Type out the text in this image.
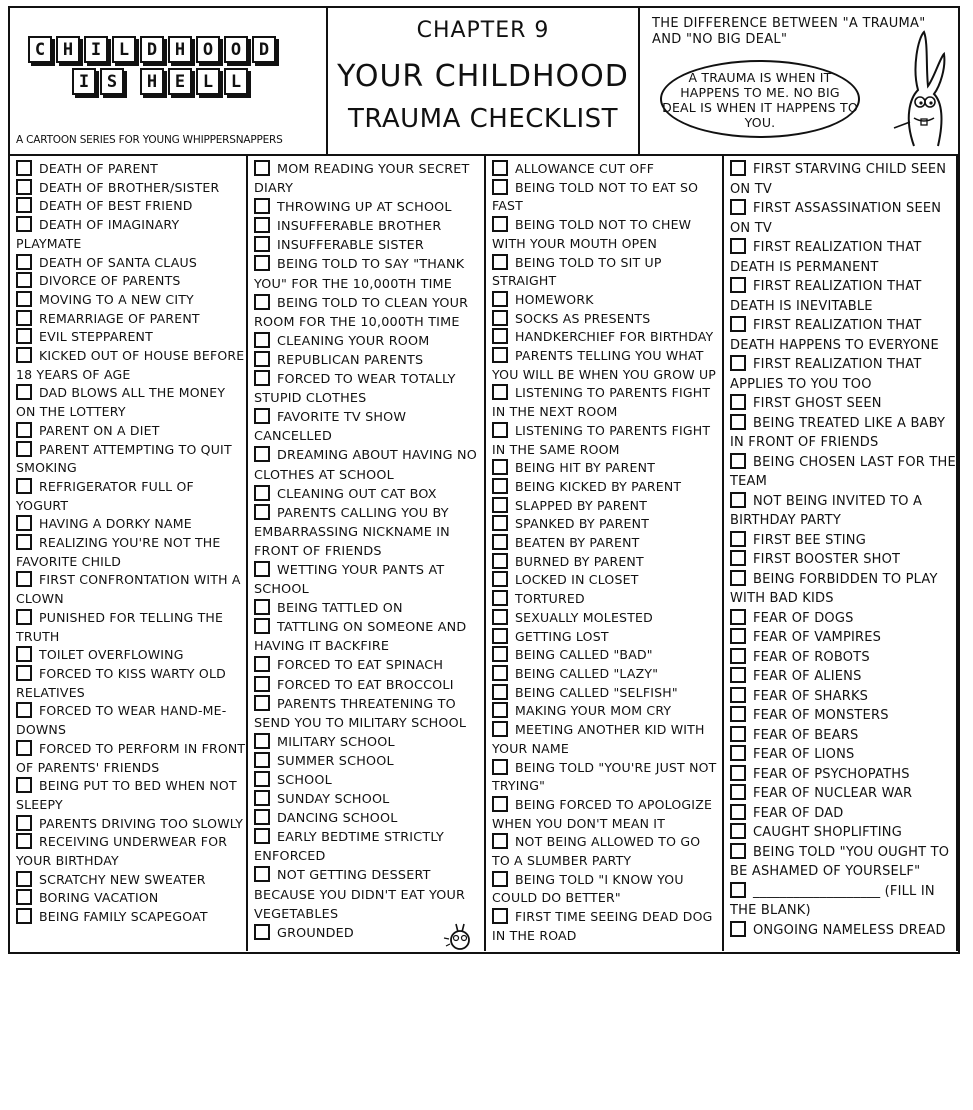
C	H	I	L	D	H	O	O	D
I	S	H	E	L	L
A CARTOON SERIES FOR YOUNG WHIPPERSNAPPERS
CHAPTER 9
YOUR CHILDHOOD
TRAUMA CHECKLIST
THE DIFFERENCE BETWEEN "A TRAUMA" AND "NO BIG DEAL"
A TRAUMA IS WHEN IT HAPPENS TO ME. NO BIG DEAL IS WHEN IT HAPPENS TO YOU.
DEATH OF PARENT
DEATH OF BROTHER/SISTER
DEATH OF BEST FRIEND
DEATH OF IMAGINARY PLAYMATE
DEATH OF SANTA CLAUS
DIVORCE OF PARENTS
MOVING TO A NEW CITY
REMARRIAGE OF PARENT
EVIL STEPPARENT
KICKED OUT OF HOUSE BEFORE 18 YEARS OF AGE
DAD BLOWS ALL THE MONEY ON THE LOTTERY
PARENT ON A DIET
PARENT ATTEMPTING TO QUIT SMOKING
REFRIGERATOR FULL OF YOGURT
HAVING A DORKY NAME
REALIZING YOU'RE NOT THE FAVORITE CHILD
FIRST CONFRONTATION WITH A CLOWN
PUNISHED FOR TELLING THE TRUTH
TOILET OVERFLOWING
FORCED TO KISS WARTY OLD RELATIVES
FORCED TO WEAR HAND-ME-DOWNS
FORCED TO PERFORM IN FRONT OF PARENTS' FRIENDS
BEING PUT TO BED WHEN NOT SLEEPY
PARENTS DRIVING TOO SLOWLY
RECEIVING UNDERWEAR FOR YOUR BIRTHDAY
SCRATCHY NEW SWEATER
BORING VACATION
BEING FAMILY SCAPEGOAT
MOM READING YOUR SECRET DIARY
THROWING UP AT SCHOOL
INSUFFERABLE BROTHER
INSUFFERABLE SISTER
BEING TOLD TO SAY "THANK YOU" FOR THE 10,000TH TIME
BEING TOLD TO CLEAN YOUR ROOM FOR THE 10,000TH TIME
CLEANING YOUR ROOM
REPUBLICAN PARENTS
FORCED TO WEAR TOTALLY STUPID CLOTHES
FAVORITE TV SHOW CANCELLED
DREAMING ABOUT HAVING NO CLOTHES AT SCHOOL
CLEANING OUT CAT BOX
PARENTS CALLING YOU BY EMBARRASSING NICKNAME IN FRONT OF FRIENDS
WETTING YOUR PANTS AT SCHOOL
BEING TATTLED ON
TATTLING ON SOMEONE AND HAVING IT BACKFIRE
FORCED TO EAT SPINACH
FORCED TO EAT BROCCOLI
PARENTS THREATENING TO SEND YOU TO MILITARY SCHOOL
MILITARY SCHOOL
SUMMER SCHOOL
SCHOOL
SUNDAY SCHOOL
DANCING SCHOOL
EARLY BEDTIME STRICTLY ENFORCED
NOT GETTING DESSERT BECAUSE YOU DIDN'T EAT YOUR VEGETABLES
GROUNDED
ALLOWANCE CUT OFF
BEING TOLD NOT TO EAT SO FAST
BEING TOLD NOT TO CHEW WITH YOUR MOUTH OPEN
BEING TOLD TO SIT UP STRAIGHT
HOMEWORK
SOCKS AS PRESENTS
HANDKERCHIEF FOR BIRTHDAY
PARENTS TELLING YOU WHAT YOU WILL BE WHEN YOU GROW UP
LISTENING TO PARENTS FIGHT IN THE NEXT ROOM
LISTENING TO PARENTS FIGHT IN THE SAME ROOM
BEING HIT BY PARENT
BEING KICKED BY PARENT
SLAPPED BY PARENT
SPANKED BY PARENT
BEATEN BY PARENT
BURNED BY PARENT
LOCKED IN CLOSET
TORTURED
SEXUALLY MOLESTED
GETTING LOST
BEING CALLED "BAD"
BEING CALLED "LAZY"
BEING CALLED "SELFISH"
MAKING YOUR MOM CRY
MEETING ANOTHER KID WITH YOUR NAME
BEING TOLD "YOU'RE JUST NOT TRYING"
BEING FORCED TO APOLOGIZE WHEN YOU DON'T MEAN IT
NOT BEING ALLOWED TO GO TO A SLUMBER PARTY
BEING TOLD "I KNOW YOU COULD DO BETTER"
FIRST TIME SEEING DEAD DOG IN THE ROAD
FIRST STARVING CHILD SEEN ON TV
FIRST ASSASSINATION SEEN ON TV
FIRST REALIZATION THAT DEATH IS PERMANENT
FIRST REALIZATION THAT DEATH IS INEVITABLE
FIRST REALIZATION THAT DEATH HAPPENS TO EVERYONE
FIRST REALIZATION THAT APPLIES TO YOU TOO
FIRST GHOST SEEN
BEING TREATED LIKE A BABY IN FRONT OF FRIENDS
BEING CHOSEN LAST FOR THE TEAM
NOT BEING INVITED TO A BIRTHDAY PARTY
FIRST BEE STING
FIRST BOOSTER SHOT
BEING FORBIDDEN TO PLAY WITH BAD KIDS
FEAR OF DOGS
FEAR OF VAMPIRES
FEAR OF ROBOTS
FEAR OF ALIENS
FEAR OF SHARKS
FEAR OF MONSTERS
FEAR OF BEARS
FEAR OF LIONS
FEAR OF PSYCHOPATHS
FEAR OF NUCLEAR WAR
FEAR OF DAD
CAUGHT SHOPLIFTING
BEING TOLD "YOU OUGHT TO BE ASHAMED OF YOURSELF"
___________________ (FILL IN THE BLANK)
ONGOING NAMELESS DREAD
